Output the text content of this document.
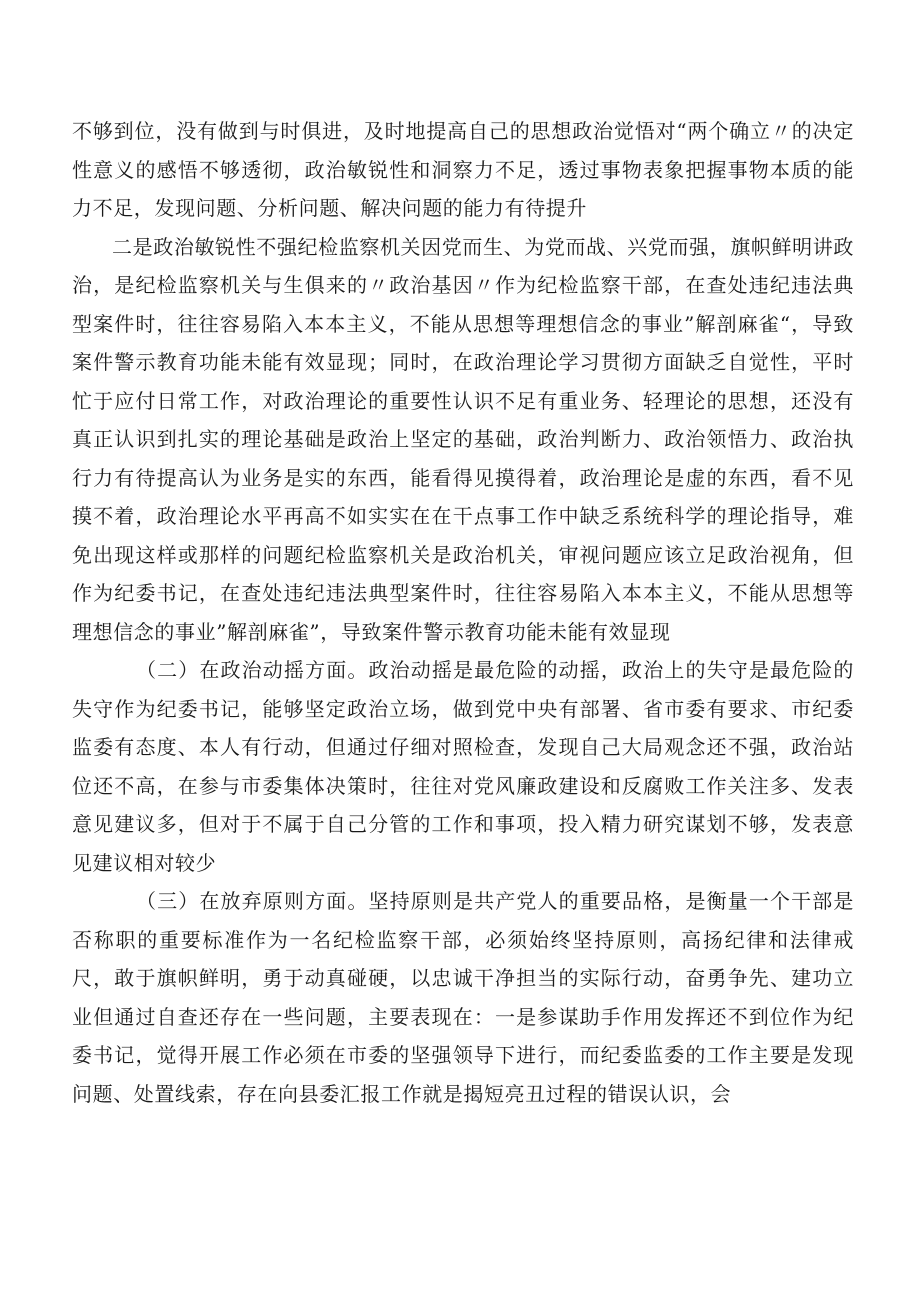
不够到位，没有做到与时俱进，及时地提高自己的思想政治觉悟对“两个确立〃的决定性意义的感悟不够透彻，政治敏锐性和洞察力不足，透过事物表象把握事物本质的能力不足，发现问题、分析问题、解决问题的能力有待提升

二是政治敏锐性不强纪检监察机关因党而生、为党而战、兴党而强，旗帜鲜明讲政治，是纪检监察机关与生俱来的〃政治基因〃作为纪检监察干部，在查处违纪违法典型案件时，往往容易陷入本本主义，不能从思想等理想信念的事业”解剖麻雀“，导致案件警示教育功能未能有效显现；同时，在政治理论学习贯彻方面缺乏自觉性，平时忙于应付日常工作，对政治理论的重要性认识不足有重业务、轻理论的思想，还没有真正认识到扎实的理论基础是政治上坚定的基础，政治判断力、政治领悟力、政治执行力有待提高认为业务是实的东西，能看得见摸得着，政治理论是虚的东西，看不见摸不着，政治理论水平再高不如实实在在干点事工作中缺乏系统科学的理论指导，难免出现这样或那样的问题纪检监察机关是政治机关，审视问题应该立足政治视角，但作为纪委书记，在查处违纪违法典型案件时，往往容易陷入本本主义，不能从思想等理想信念的事业”解剖麻雀”，导致案件警示教育功能未能有效显现

（二）在政治动摇方面。政治动摇是最危险的动摇，政治上的失守是最危险的失守作为纪委书记，能够坚定政治立场，做到党中央有部署、省市委有要求、市纪委监委有态度、本人有行动，但通过仔细对照检查，发现自己大局观念还不强，政治站位还不高，在参与市委集体决策时，往往对党风廉政建设和反腐败工作关注多、发表意见建议多，但对于不属于自己分管的工作和事项，投入精力研究谋划不够，发表意见建议相对较少

（三）在放弃原则方面。坚持原则是共产党人的重要品格，是衡量一个干部是否称职的重要标准作为一名纪检监察干部，必须始终坚持原则，高扬纪律和法律戒尺，敢于旗帜鲜明，勇于动真碰硬，以忠诚干净担当的实际行动，奋勇争先、建功立业但通过自查还存在一些问题，主要表现在：一是参谋助手作用发挥还不到位作为纪委书记，觉得开展工作必须在市委的坚强领导下进行，而纪委监委的工作主要是发现问题、处置线索，存在向县委汇报工作就是揭短亮丑过程的错误认识，会
